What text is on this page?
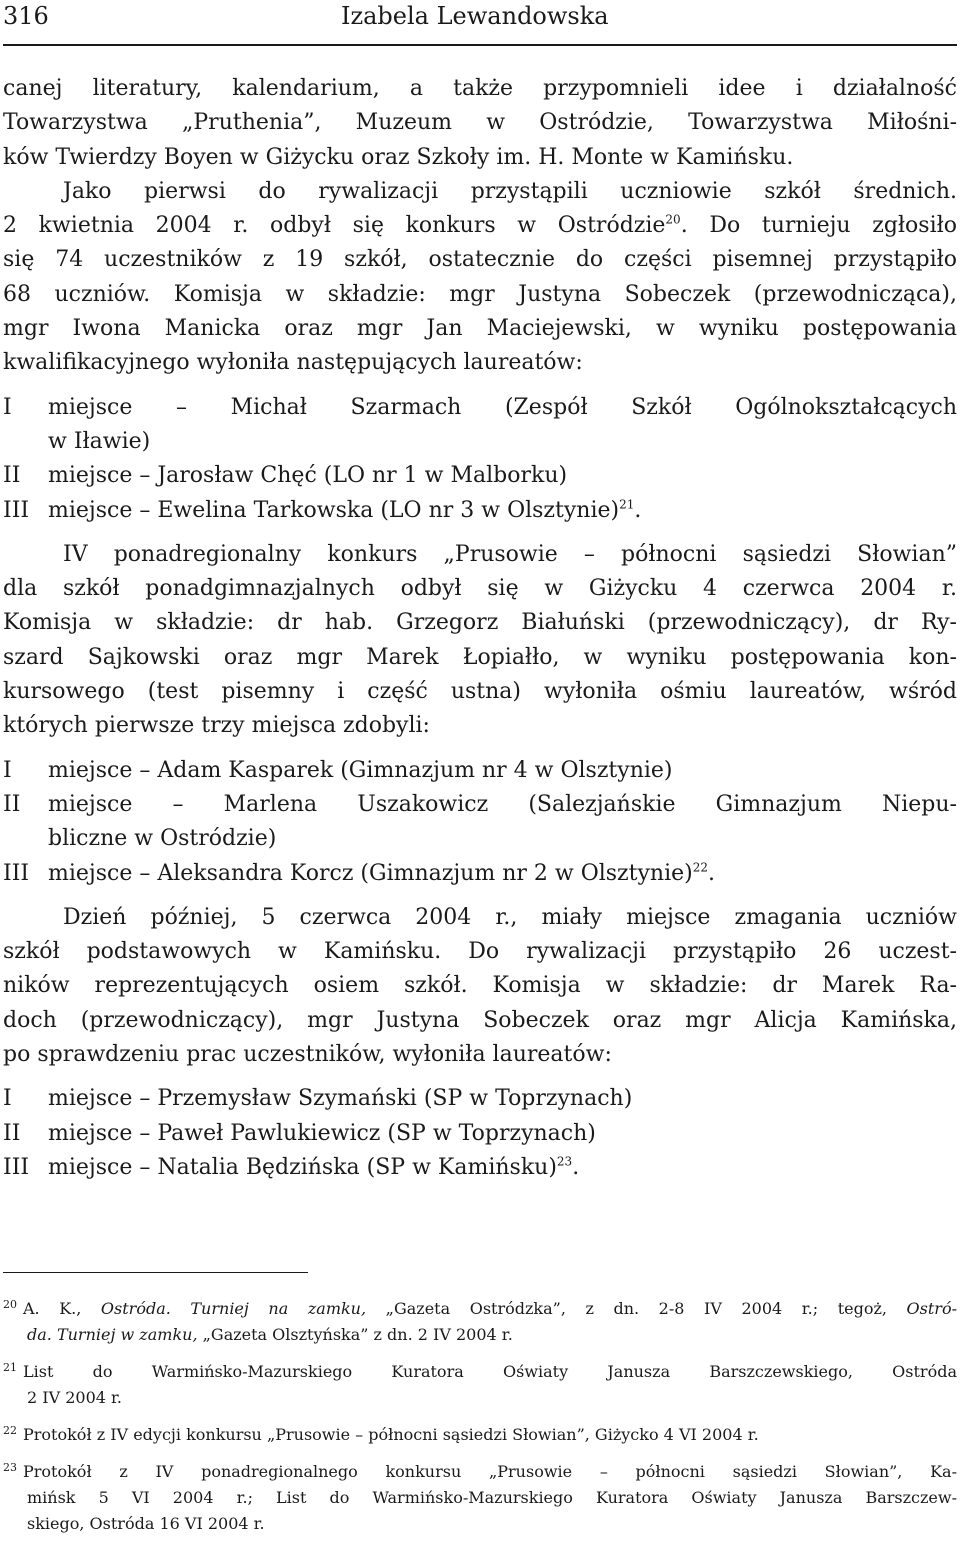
316	Izabela Lewandowska

canej literatury, kalendarium, a także przypomnieli idee i działalność

Towarzystwa „Pruthenia”, Muzeum w Ostródzie, Towarzystwa Miłośni-

ków Twierdzy Boyen w Giżycku oraz Szkoły im. H. Monte w Kamińsku.

Jako pierwsi do rywalizacji przystąpili uczniowie szkół średnich.

2 kwietnia 2004 r. odbył się konkurs w Ostródzie$^{20}$. Do turnieju zgłosiło

się 74 uczestników z 19 szkół, ostatecznie do części pisemnej przystąpiło

68 uczniów. Komisja w składzie: mgr Justyna Sobeczek (przewodnicząca),

mgr Iwona Manicka oraz mgr Jan Maciejewski, w wyniku postępowania

kwalifikacyjnego wyłoniła następujących laureatów:

I	miejsce – Michał Szarmach (Zespół Szkół Ogólnokształcących

w Iławie)

II	miejsce – Jarosław Chęć (LO nr 1 w Malborku)

III miejsce – Ewelina Tarkowska (LO nr 3 w Olsztynie)$^{21}$.

IV ponadregionalny konkurs „Prusowie – północni sąsiedzi Słowian”

dla szkół ponadgimnazjalnych odbył się w Giżycku 4 czerwca 2004 r.

Komisja w składzie: dr hab. Grzegorz Białuński (przewodniczący), dr Ry-

szard Sajkowski oraz mgr Marek Łopiałło, w wyniku postępowania kon-

kursowego (test pisemny i część ustna) wyłoniła ośmiu laureatów, wśród

których pierwsze trzy miejsca zdobyli:

I	miejsce – Adam Kasparek (Gimnazjum nr 4 w Olsztynie)

II	miejsce – Marlena Uszakowicz (Salezjańskie Gimnazjum Niepu-

bliczne w Ostródzie)

III miejsce – Aleksandra Korcz (Gimnazjum nr 2 w Olsztynie)$^{22}$.

Dzień później, 5 czerwca 2004 r., miały miejsce zmagania uczniów

szkół podstawowych w Kamińsku. Do rywalizacji przystąpiło 26 uczest-

ników reprezentujących osiem szkół. Komisja w składzie: dr Marek Ra-

doch (przewodniczący), mgr Justyna Sobeczek oraz mgr Alicja Kamińska,

po sprawdzeniu prac uczestników, wyłoniła laureatów:

I	miejsce – Przemysław Szymański (SP w Toprzynach)

II	miejsce – Paweł Pawlukiewicz (SP w Toprzynach)

III miejsce – Natalia Będzińska (SP w Kamińsku)$^{23}$.

$^{20}$ A. K., Ostróda. Turniej na zamku, „Gazeta Ostródzka”, z dn. 2-8 IV 2004 r.; tegoż, Ostró-

da. Turniej w zamku, „Gazeta Olsztyńska” z dn. 2 IV 2004 r.

$^{21}$ List do Warmińsko-Mazurskiego Kuratora Oświaty Janusza Barszczewskiego, Ostróda

2 IV 2004 r.

$^{22}$ Protokół z IV edycji konkursu „Prusowie – północni sąsiedzi Słowian”, Giżycko 4 VI 2004 r.

$^{23}$ Protokół z IV ponadregionalnego konkursu „Prusowie – północni sąsiedzi Słowian”, Ka-

mińsk 5 VI 2004 r.; List do Warmińsko-Mazurskiego Kuratora Oświaty Janusza Barszczew-

skiego, Ostróda 16 VI 2004 r.
